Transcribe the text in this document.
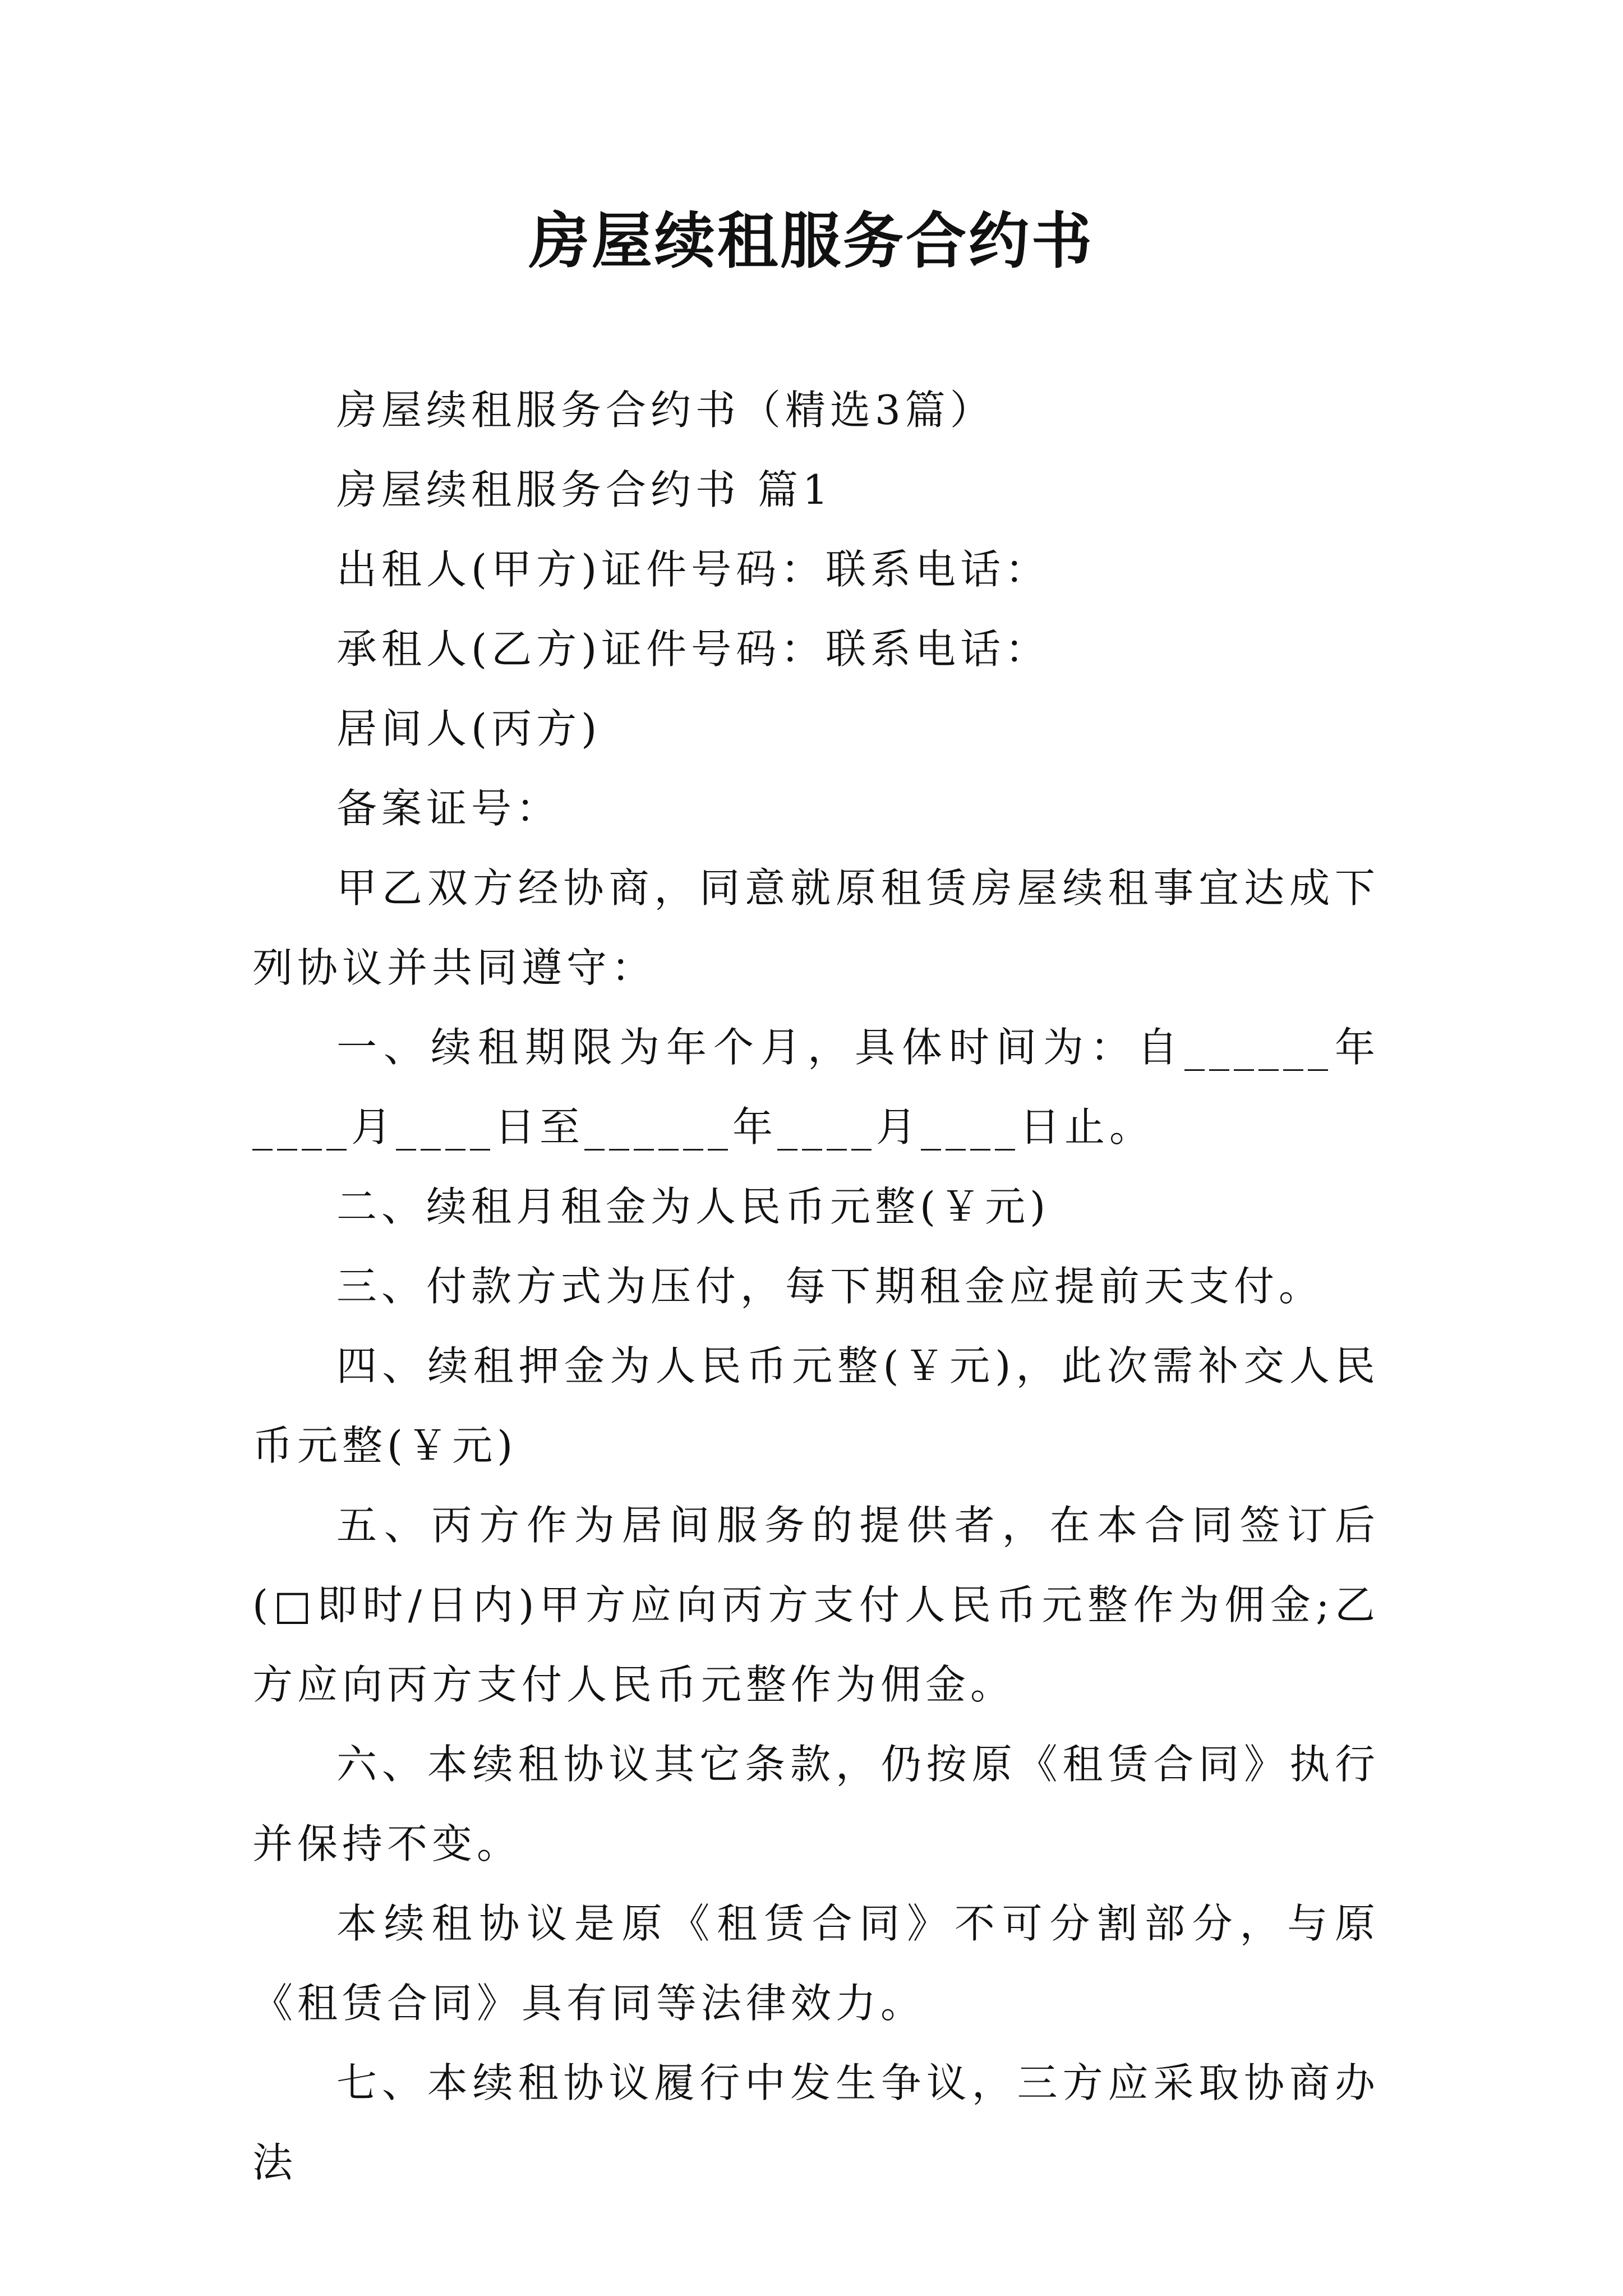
房屋续租服务合约书

房屋续租服务合约书（精选3篇）

房屋续租服务合约书 篇1

出租人(甲方)证件号码：联系电话：

承租人(乙方)证件号码：联系电话：

居间人(丙方)

备案证号：

甲乙双方经协商，同意就原租赁房屋续租事宜达成下列协议并共同遵守：

一、续租期限为年个月，具体时间为：自______年____月____日至______年____月____日止。

二、续租月租金为人民币元整(￥元)

三、付款方式为压付，每下期租金应提前天支付。

四、续租押金为人民币元整(￥元)，此次需补交人民币元整(￥元)

五、丙方作为居间服务的提供者，在本合同签订后(□即时/日内)甲方应向丙方支付人民币元整作为佣金;乙方应向丙方支付人民币元整作为佣金。

六、本续租协议其它条款，仍按原《租赁合同》执行并保持不变。

本续租协议是原《租赁合同》不可分割部分，与原《租赁合同》具有同等法律效力。

七、本续租协议履行中发生争议，三方应采取协商办法
